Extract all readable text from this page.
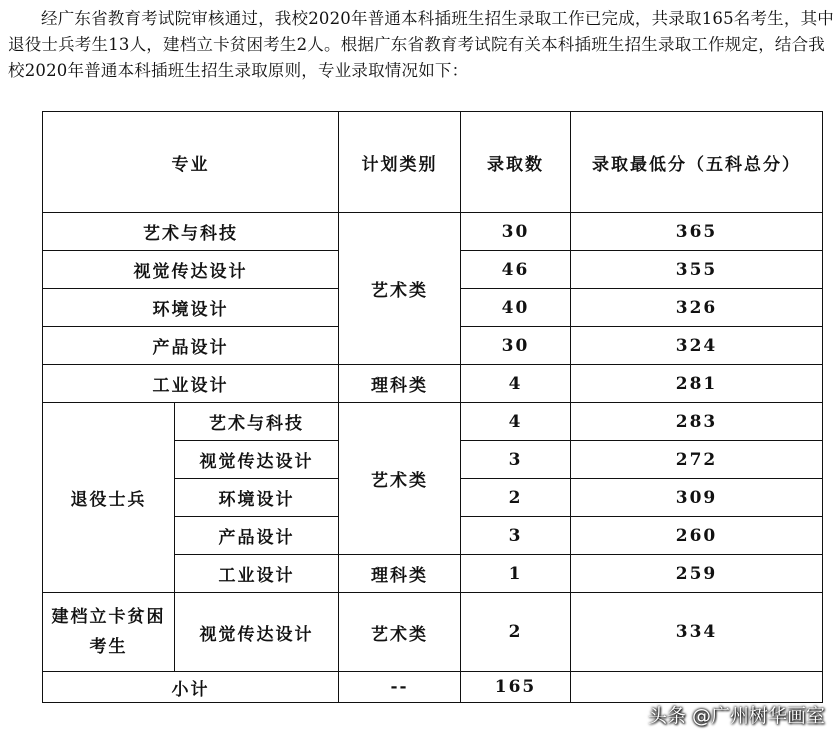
经广东省教育考试院审核通过，我校2020年普通本科插班生招生录取工作已完成，共录取165名考生，其中退役士兵考生13人，建档立卡贫困考生2人。根据广东省教育考试院有关本科插班生招生录取工作规定，结合我校2020年普通本科插班生招生录取原则，专业录取情况如下：

专业		计划类别	录取数	录取最低分（五科总分）
艺术与科技		艺术类	30	365
视觉传达设计			46	355
环境设计			40	326
产品设计			30	324
工业设计		理科类	4	281
退役士兵	艺术与科技	艺术类	4	283
	视觉传达设计		3	272
	环境设计		2	309
	产品设计		3	260
	工业设计	理科类	1	259
建档立卡贫困考生	视觉传达设计	艺术类	2	334
小计		--	165	
头条 @广州树华画室
